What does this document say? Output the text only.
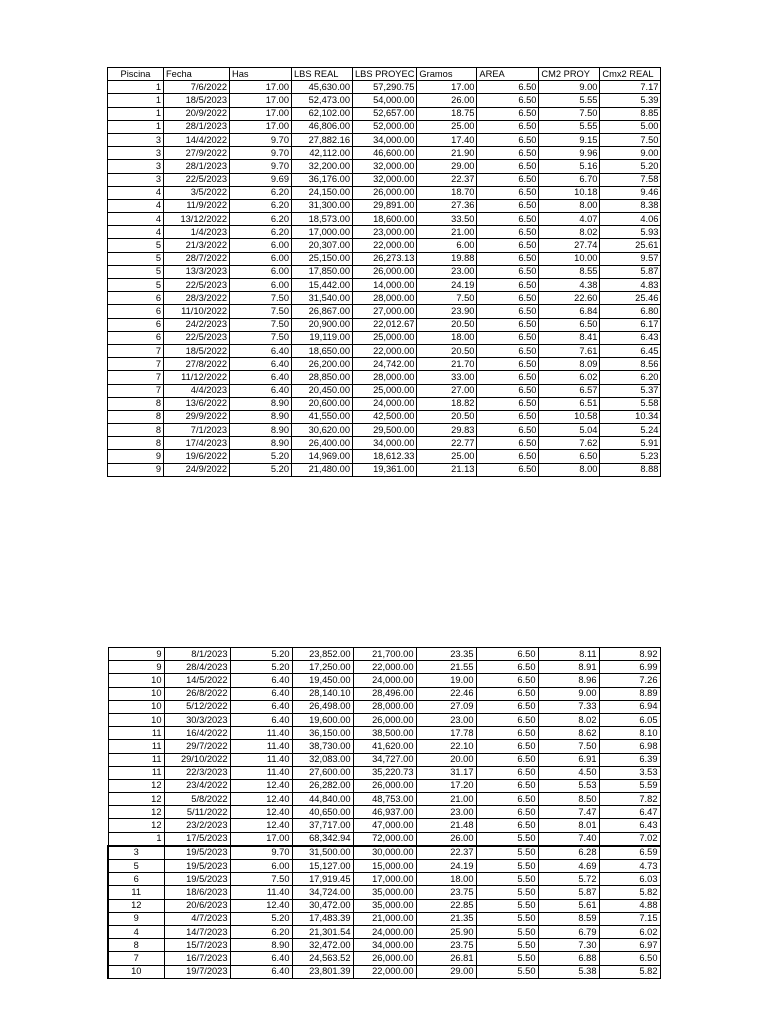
Piscina	Fecha	Has	LBS REAL	LBS PROYEC	Gramos	AREA	CM2 PROY	Cmx2 REAL
1	7/6/2022	17.00	45,630.00	57,290.75	17.00	6.50	9.00	7.17
1	18/5/2023	17.00	52,473.00	54,000.00	26.00	6.50	5.55	5.39
1	20/9/2022	17.00	62,102.00	52,657.00	18.75	6.50	7.50	8.85
1	28/1/2023	17.00	46,806.00	52,000.00	25.00	6.50	5.55	5.00
3	14/4/2022	9.70	27,882.16	34,000.00	17.40	6.50	9.15	7.50
3	27/9/2022	9.70	42,112.00	46,600.00	21.90	6.50	9.96	9.00
3	28/1/2023	9.70	32,200.00	32,000.00	29.00	6.50	5.16	5.20
3	22/5/2023	9.69	36,176.00	32,000.00	22.37	6.50	6.70	7.58
4	3/5/2022	6.20	24,150.00	26,000.00	18.70	6.50	10.18	9.46
4	11/9/2022	6.20	31,300.00	29,891.00	27.36	6.50	8.00	8.38
4	13/12/2022	6.20	18,573.00	18,600.00	33.50	6.50	4.07	4.06
4	1/4/2023	6.20	17,000.00	23,000.00	21.00	6.50	8.02	5.93
5	21/3/2022	6.00	20,307.00	22,000.00	6.00	6.50	27.74	25.61
5	28/7/2022	6.00	25,150.00	26,273.13	19.88	6.50	10.00	9.57
5	13/3/2023	6.00	17,850.00	26,000.00	23.00	6.50	8.55	5.87
5	22/5/2023	6.00	15,442.00	14,000.00	24.19	6.50	4.38	4.83
6	28/3/2022	7.50	31,540.00	28,000.00	7.50	6.50	22.60	25.46
6	11/10/2022	7.50	26,867.00	27,000.00	23.90	6.50	6.84	6.80
6	24/2/2023	7.50	20,900.00	22,012.67	20.50	6.50	6.50	6.17
6	22/5/2023	7.50	19,119.00	25,000.00	18.00	6.50	8.41	6.43
7	18/5/2022	6.40	18,650.00	22,000.00	20.50	6.50	7.61	6.45
7	27/8/2022	6.40	26,200.00	24,742.00	21.70	6.50	8.09	8.56
7	11/12/2022	6.40	28,850.00	28,000.00	33.00	6.50	6.02	6.20
7	4/4/2023	6.40	20,450.00	25,000.00	27.00	6.50	6.57	5.37
8	13/6/2022	8.90	20,600.00	24,000.00	18.82	6.50	6.51	5.58
8	29/9/2022	8.90	41,550.00	42,500.00	20.50	6.50	10.58	10.34
8	7/1/2023	8.90	30,620.00	29,500.00	29.83	6.50	5.04	5.24
8	17/4/2023	8.90	26,400.00	34,000.00	22.77	6.50	7.62	5.91
9	19/6/2022	5.20	14,969.00	18,612.33	25.00	6.50	6.50	5.23
9	24/9/2022	5.20	21,480.00	19,361.00	21.13	6.50	8.00	8.88
9	8/1/2023	5.20	23,852.00	21,700.00	23.35	6.50	8.11	8.92
9	28/4/2023	5.20	17,250.00	22,000.00	21.55	6.50	8.91	6.99
10	14/5/2022	6.40	19,450.00	24,000.00	19.00	6.50	8.96	7.26
10	26/8/2022	6.40	28,140.10	28,496.00	22.46	6.50	9.00	8.89
10	5/12/2022	6.40	26,498.00	28,000.00	27.09	6.50	7.33	6.94
10	30/3/2023	6.40	19,600.00	26,000.00	23.00	6.50	8.02	6.05
11	16/4/2022	11.40	36,150.00	38,500.00	17.78	6.50	8.62	8.10
11	29/7/2022	11.40	38,730.00	41,620.00	22.10	6.50	7.50	6.98
11	29/10/2022	11.40	32,083.00	34,727.00	20.00	6.50	6.91	6.39
11	22/3/2023	11.40	27,600.00	35,220.73	31.17	6.50	4.50	3.53
12	23/4/2022	12.40	26,282.00	26,000.00	17.20	6.50	5.53	5.59
12	5/8/2022	12.40	44,840.00	48,753.00	21.00	6.50	8.50	7.82
12	5/11/2022	12.40	40,650.00	46,937.00	23.00	6.50	7.47	6.47
12	23/2/2023	12.40	37,717.00	47,000.00	21.48	6.50	8.01	6.43
1	17/5/2023	17.00	68,342.94	72,000.00	26.00	5.50	7.40	7.02
3	19/5/2023	9.70	31,500.00	30,000.00	22.37	5.50	6.28	6.59
5	19/5/2023	6.00	15,127.00	15,000.00	24.19	5.50	4.69	4.73
6	19/5/2023	7.50	17,919.45	17,000.00	18.00	5.50	5.72	6.03
11	18/6/2023	11.40	34,724.00	35,000.00	23.75	5.50	5.87	5.82
12	20/6/2023	12.40	30,472.00	35,000.00	22.85	5.50	5.61	4.88
9	4/7/2023	5.20	17,483.39	21,000.00	21.35	5.50	8.59	7.15
4	14/7/2023	6.20	21,301.54	24,000.00	25.90	5.50	6.79	6.02
8	15/7/2023	8.90	32,472.00	34,000.00	23.75	5.50	7.30	6.97
7	16/7/2023	6.40	24,563.52	26,000.00	26.81	5.50	6.88	6.50
10	19/7/2023	6.40	23,801.39	22,000.00	29.00	5.50	5.38	5.82
